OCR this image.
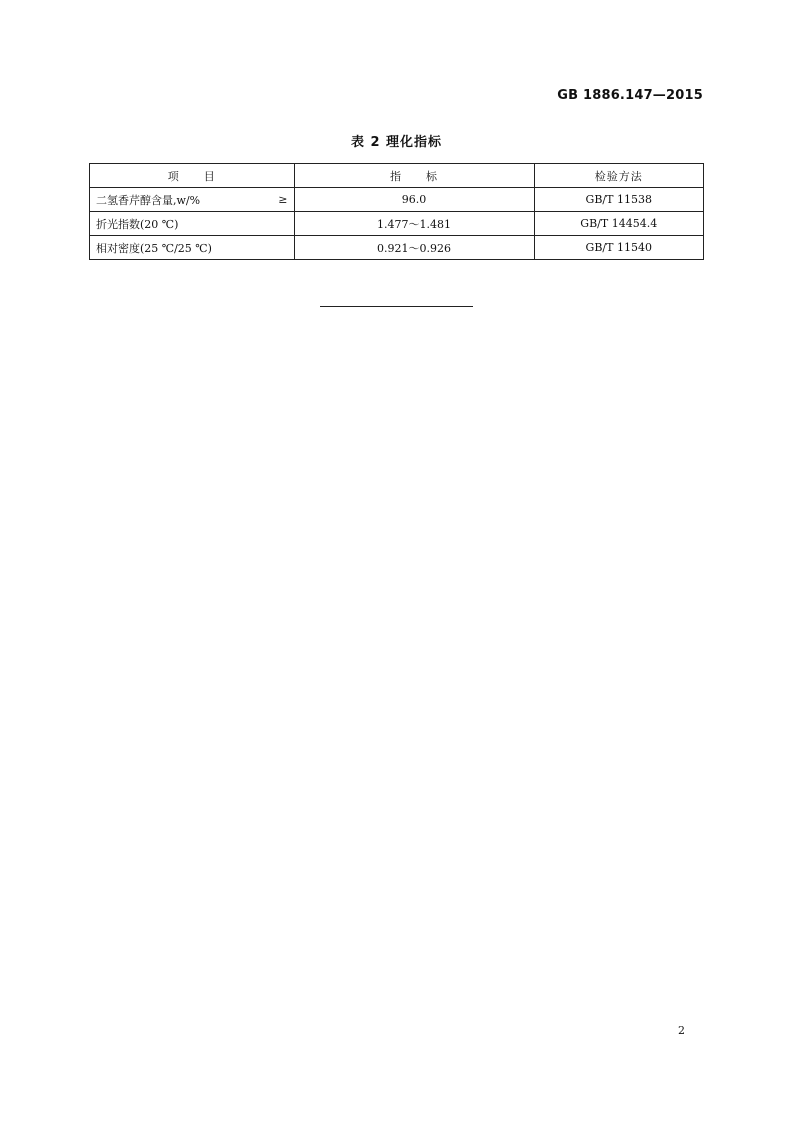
GB 1886.147—2015
表 2 理化指标
项　　目	指　　标	检验方法

二氢香芹醇含量,w/% ≥	96.0	GB/T 11538

折光指数(20 ℃)	1.477～1.481	GB/T 14454.4

相对密度(25 ℃/25 ℃)	0.921～0.926	GB/T 11540
2
